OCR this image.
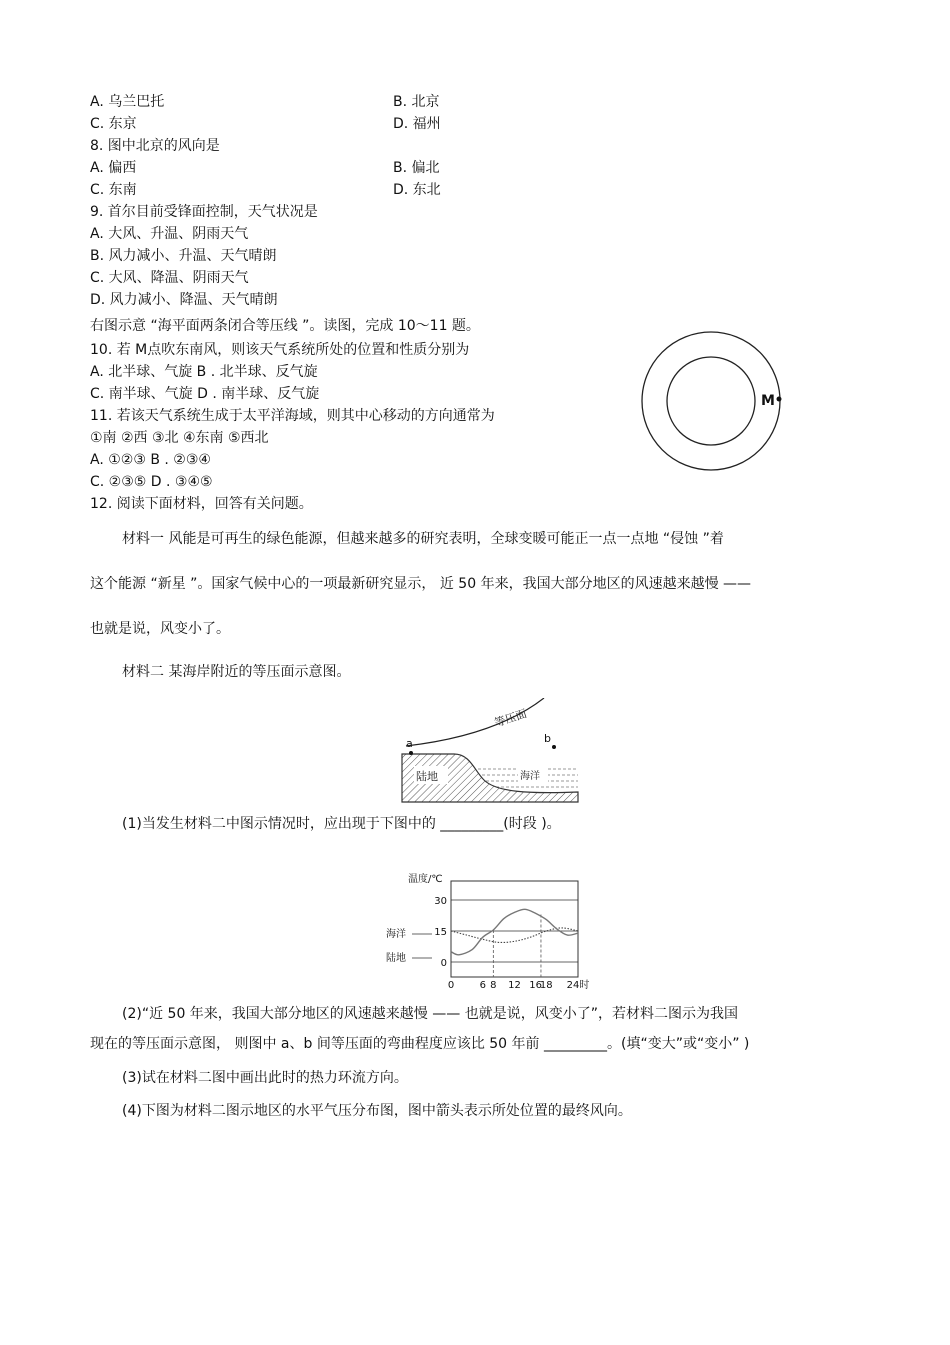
A. 乌兰巴托	B. 北京
C. 东京	D. 福州
8. 图中北京的风向是
A. 偏西	B. 偏北
C. 东南	D. 东北
9. 首尔目前受锋面控制，天气状况是
A. 大风、升温、阴雨天气
B. 风力减小、升温、天气晴朗
C. 大风、降温、阴雨天气
D. 风力减小、降温、天气晴朗
右图示意 “海平面两条闭合等压线 ”。读图，完成 10～11 题。
10. 若 M点吹东南风，则该天气系统所处的位置和性质分别为
A. 北半球、气旋 B . 北半球、反气旋
C. 南半球、气旋 D . 南半球、反气旋
11. 若该天气系统生成于太平洋海域，则其中心移动的方向通常为
①南 ②西 ③北 ④东南 ⑤西北
A. ①②③ B . ②③④
C. ②③⑤ D . ③④⑤
M
12. 阅读下面材料，回答有关问题。
材料一 风能是可再生的绿色能源，但越来越多的研究表明，全球变暖可能正一点一点地 “侵蚀 ”着
这个能源 “新星 ”。国家气候中心的一项最新研究显示， 近 50 年来，我国大部分地区的风速越来越慢 ——
也就是说，风变小了。
材料二 某海岸附近的等压面示意图。
陆地	海洋
等压面
a	b
(1)当发生材料二中图示情况时，应出现于下图中的 _________(时段 )。
温度/℃
30
15
0
0	6 8 12 16
18 24时
海洋
陆地
(2)“近 50 年来，我国大部分地区的风速越来越慢 —— 也就是说，风变小了”，若材料二图示为我国
现在的等压面示意图， 则图中 a、b 间等压面的弯曲程度应该比 50 年前 _________。(填“变大”或“变小” )
(3)试在材料二图中画出此时的热力环流方向。
(4)下图为材料二图示地区的水平气压分布图，图中箭头表示所处位置的最终风向。
